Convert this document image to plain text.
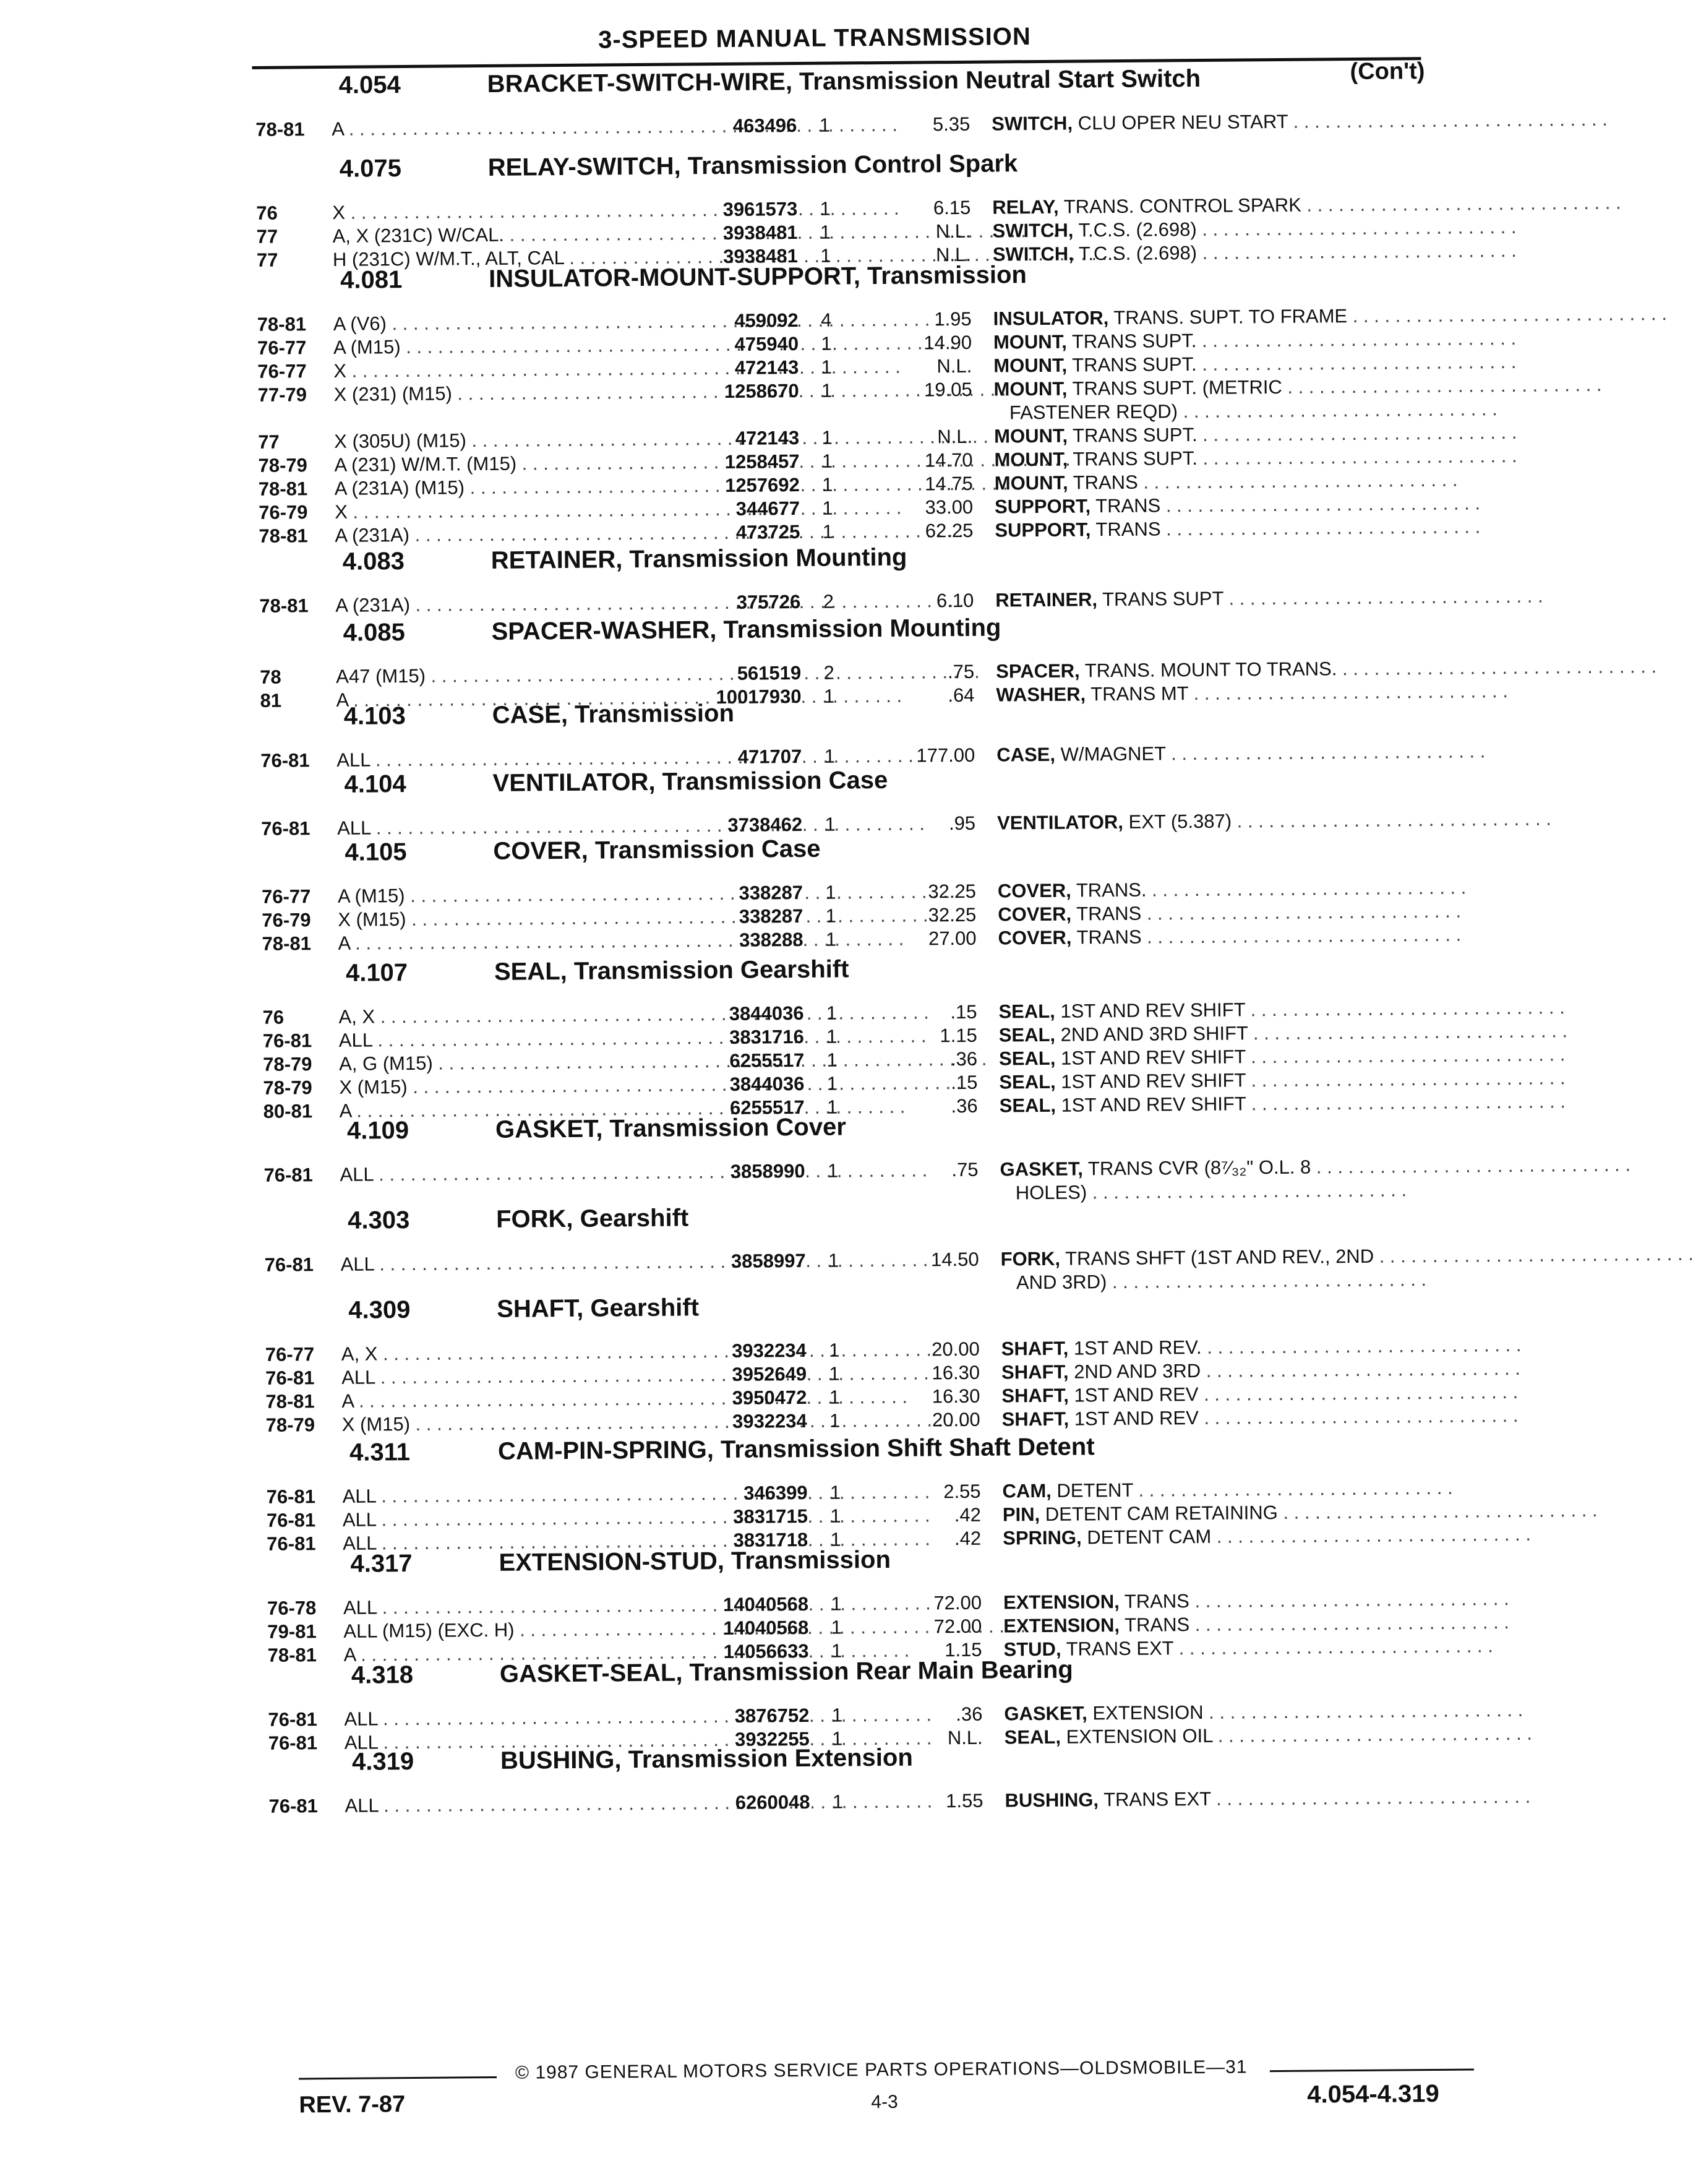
3-SPEED MANUAL TRANSMISSION
4.054	BRACKET-SWITCH-WIRE, Transmission Neutral Start Switch	(Con't)
78-81 A . . .	463496 1	5.35 SWITCH, CLU OPER NEU START . . . . . . . . . . . . . . . . . . . . . . . . . . . . . .
4.075	RELAY-SWITCH, Transmission Control Spark
76	X . . .	3961573 1	6.15 RELAY, TRANS. CONTROL SPARK . . . . . . . . . . . . . . . . . . . . . . . . . . . . . .
77	A, X (231C) W/CAL. . . .	3938481 1	N.L. SWITCH, T.C.S. (2.698) . . . . . . . . . . . . . . . . . . . . . . . . . . . . . .
77	H (231C) W/M.T., ALT, CAL . . .	3938481 1	N.L. SWITCH, T.C.S. (2.698) . . . . . . . . . . . . . . . . . . . . . . . . . . . . . .
4.081	INSULATOR-MOUNT-SUPPORT, Transmission
78-81 A (V6) . . .	459092 4	1.95 INSULATOR, TRANS. SUPT. TO FRAME . . . . . . . . . . . . . . . . . . . . . . . . . . . . . .
76-77 A (M15) . . .	475940 1	14.90 MOUNT, TRANS SUPT. . . . . . . . . . . . . . . . . . . . . . . . . . . . . . .
76-77 X . . .	472143 1	N.L. MOUNT, TRANS SUPT. . . . . . . . . . . . . . . . . . . . . . . . . . . . . . .
77-79 X (231) (M15) . . .	1258670 1	19.05 MOUNT, TRANS SUPT. (METRIC . . . . . . . . . . . . . . . . . . . . . . . . . . . . . .
FASTENER REQD) . . . . . . . . . . . . . . . . . . . . . . . . . . . . . .
77	X (305U) (M15) . . .	472143 1	N.L. MOUNT, TRANS SUPT. . . . . . . . . . . . . . . . . . . . . . . . . . . . . . .
78-79 A (231) W/M.T. (M15) . . .	1258457 1	14.70 MOUNT, TRANS SUPT. . . . . . . . . . . . . . . . . . . . . . . . . . . . . . .
78-81 A (231A) (M15) . . .	1257692 1	14.75 MOUNT, TRANS . . . . . . . . . . . . . . . . . . . . . . . . . . . . . .
76-79 X . . .	344677 1	33.00 SUPPORT, TRANS . . . . . . . . . . . . . . . . . . . . . . . . . . . . . .
78-81 A (231A) . . .	473725 1	62.25 SUPPORT, TRANS . . . . . . . . . . . . . . . . . . . . . . . . . . . . . .
4.083	RETAINER, Transmission Mounting
78-81 A (231A) . . .	375726 2	6.10 RETAINER, TRANS SUPT . . . . . . . . . . . . . . . . . . . . . . . . . . . . . .
4.085	SPACER-WASHER, Transmission Mounting
78	A47 (M15) . . .	561519 2	.75 SPACER, TRANS. MOUNT TO TRANS. . . . . . . . . . . . . . . . . . . . . . . . . . . . . . .
81	A . . .	10017930 1	.64 WASHER, TRANS MT . . . . . . . . . . . . . . . . . . . . . . . . . . . . . .
4.103	CASE, Transmission
76-81 ALL . . .	471707 1	177.00 CASE, W/MAGNET . . . . . . . . . . . . . . . . . . . . . . . . . . . . . .
4.104	VENTILATOR, Transmission Case
76-81 ALL . . .	3738462 1	.95 VENTILATOR, EXT (5.387) . . . . . . . . . . . . . . . . . . . . . . . . . . . . . .
4.105	COVER, Transmission Case
76-77 A (M15) . . .	338287 1	32.25 COVER, TRANS. . . . . . . . . . . . . . . . . . . . . . . . . . . . . . .
76-79 X (M15) . . .	338287 1	32.25 COVER, TRANS . . . . . . . . . . . . . . . . . . . . . . . . . . . . . .
78-81 A . . .	338288 1	27.00 COVER, TRANS . . . . . . . . . . . . . . . . . . . . . . . . . . . . . .
4.107	SEAL, Transmission Gearshift
76	A, X . . .	3844036 1	.15 SEAL, 1ST AND REV SHIFT . . . . . . . . . . . . . . . . . . . . . . . . . . . . . .
76-81 ALL . . .	3831716 1	1.15 SEAL, 2ND AND 3RD SHIFT . . . . . . . . . . . . . . . . . . . . . . . . . . . . . .
78-79 A, G (M15) . . .	6255517 1	.36 SEAL, 1ST AND REV SHIFT . . . . . . . . . . . . . . . . . . . . . . . . . . . . . .
78-79 X (M15) . . .	3844036 1	.15 SEAL, 1ST AND REV SHIFT . . . . . . . . . . . . . . . . . . . . . . . . . . . . . .
80-81 A . . .	6255517 1	.36 SEAL, 1ST AND REV SHIFT . . . . . . . . . . . . . . . . . . . . . . . . . . . . . .
4.109	GASKET, Transmission Cover
76-81 ALL . . .	3858990 1	.75 GASKET, TRANS CVR (8⁷⁄₃₂" O.L. 8 . . . . . . . . . . . . . . . . . . . . . . . . . . . . . .
HOLES) . . . . . . . . . . . . . . . . . . . . . . . . . . . . . .
4.303	FORK, Gearshift
76-81 ALL . . .	3858997 1	14.50 FORK, TRANS SHFT (1ST AND REV., 2ND . . . . . . . . . . . . . . . . . . . . . . . . . . . . . .
AND 3RD) . . . . . . . . . . . . . . . . . . . . . . . . . . . . . .
4.309	SHAFT, Gearshift
76-77 A, X . . .	3932234 1	20.00 SHAFT, 1ST AND REV. . . . . . . . . . . . . . . . . . . . . . . . . . . . . . .
76-81 ALL . . .	3952649 1	16.30 SHAFT, 2ND AND 3RD . . . . . . . . . . . . . . . . . . . . . . . . . . . . . .
78-81 A . . .	3950472 1	16.30 SHAFT, 1ST AND REV . . . . . . . . . . . . . . . . . . . . . . . . . . . . . .
78-79 X (M15) . . .	3932234 1	20.00 SHAFT, 1ST AND REV . . . . . . . . . . . . . . . . . . . . . . . . . . . . . .
4.311	CAM-PIN-SPRING, Transmission Shift Shaft Detent
76-81 ALL . . .	346399 1	2.55 CAM, DETENT . . . . . . . . . . . . . . . . . . . . . . . . . . . . . .
76-81 ALL . . .	3831715 1	.42 PIN, DETENT CAM RETAINING . . . . . . . . . . . . . . . . . . . . . . . . . . . . . .
76-81 ALL . . .	3831718 1	.42 SPRING, DETENT CAM . . . . . . . . . . . . . . . . . . . . . . . . . . . . . .
4.317	EXTENSION-STUD, Transmission
76-78 ALL . . .	14040568 1	72.00 EXTENSION, TRANS . . . . . . . . . . . . . . . . . . . . . . . . . . . . . .
79-81 ALL (M15) (EXC. H) . . .	14040568 1	72.00 EXTENSION, TRANS . . . . . . . . . . . . . . . . . . . . . . . . . . . . . .
78-81 A . . .	14056633 1	1.15 STUD, TRANS EXT . . . . . . . . . . . . . . . . . . . . . . . . . . . . . .
4.318	GASKET-SEAL, Transmission Rear Main Bearing
76-81 ALL . . .	3876752 1	.36 GASKET, EXTENSION . . . . . . . . . . . . . . . . . . . . . . . . . . . . . .
76-81 ALL . . .	3932255 1	N.L. SEAL, EXTENSION OIL . . . . . . . . . . . . . . . . . . . . . . . . . . . . . .
4.319	BUSHING, Transmission Extension
76-81 ALL . . .	6260048 1	1.55 BUSHING, TRANS EXT . . . . . . . . . . . . . . . . . . . . . . . . . . . . . .
© 1987 GENERAL MOTORS SERVICE PARTS OPERATIONS—OLDSMOBILE—31
REV. 7-87	4-3	4.054-4.319
